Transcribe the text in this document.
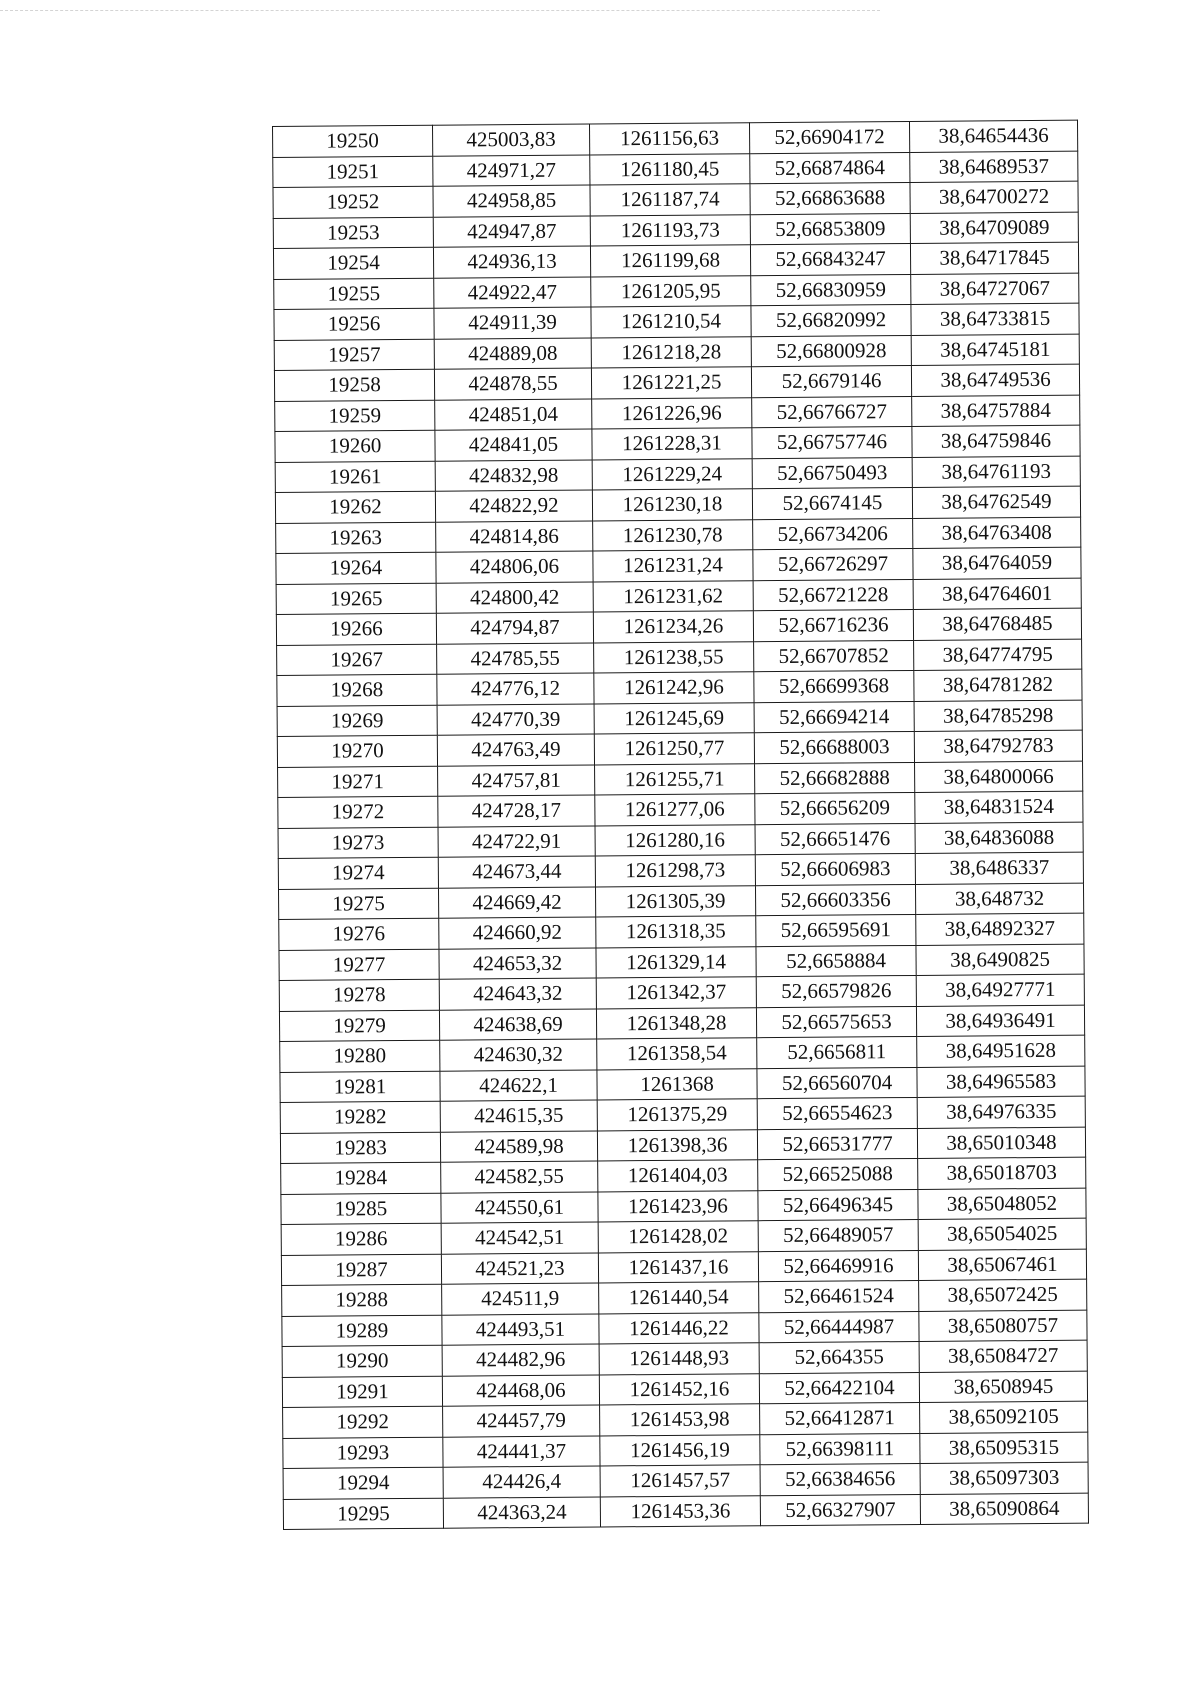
19250	425003,83	1261156,63	52,66904172	38,64654436
19251	424971,27	1261180,45	52,66874864	38,64689537
19252	424958,85	1261187,74	52,66863688	38,64700272
19253	424947,87	1261193,73	52,66853809	38,64709089
19254	424936,13	1261199,68	52,66843247	38,64717845
19255	424922,47	1261205,95	52,66830959	38,64727067
19256	424911,39	1261210,54	52,66820992	38,64733815
19257	424889,08	1261218,28	52,66800928	38,64745181
19258	424878,55	1261221,25	52,6679146	38,64749536
19259	424851,04	1261226,96	52,66766727	38,64757884
19260	424841,05	1261228,31	52,66757746	38,64759846
19261	424832,98	1261229,24	52,66750493	38,64761193
19262	424822,92	1261230,18	52,6674145	38,64762549
19263	424814,86	1261230,78	52,66734206	38,64763408
19264	424806,06	1261231,24	52,66726297	38,64764059
19265	424800,42	1261231,62	52,66721228	38,64764601
19266	424794,87	1261234,26	52,66716236	38,64768485
19267	424785,55	1261238,55	52,66707852	38,64774795
19268	424776,12	1261242,96	52,66699368	38,64781282
19269	424770,39	1261245,69	52,66694214	38,64785298
19270	424763,49	1261250,77	52,66688003	38,64792783
19271	424757,81	1261255,71	52,66682888	38,64800066
19272	424728,17	1261277,06	52,66656209	38,64831524
19273	424722,91	1261280,16	52,66651476	38,64836088
19274	424673,44	1261298,73	52,66606983	38,6486337
19275	424669,42	1261305,39	52,66603356	38,648732
19276	424660,92	1261318,35	52,66595691	38,64892327
19277	424653,32	1261329,14	52,6658884	38,6490825
19278	424643,32	1261342,37	52,66579826	38,64927771
19279	424638,69	1261348,28	52,66575653	38,64936491
19280	424630,32	1261358,54	52,6656811	38,64951628
19281	424622,1	1261368	52,66560704	38,64965583
19282	424615,35	1261375,29	52,66554623	38,64976335
19283	424589,98	1261398,36	52,66531777	38,65010348
19284	424582,55	1261404,03	52,66525088	38,65018703
19285	424550,61	1261423,96	52,66496345	38,65048052
19286	424542,51	1261428,02	52,66489057	38,65054025
19287	424521,23	1261437,16	52,66469916	38,65067461
19288	424511,9	1261440,54	52,66461524	38,65072425
19289	424493,51	1261446,22	52,66444987	38,65080757
19290	424482,96	1261448,93	52,664355	38,65084727
19291	424468,06	1261452,16	52,66422104	38,6508945
19292	424457,79	1261453,98	52,66412871	38,65092105
19293	424441,37	1261456,19	52,66398111	38,65095315
19294	424426,4	1261457,57	52,66384656	38,65097303
19295	424363,24	1261453,36	52,66327907	38,65090864
